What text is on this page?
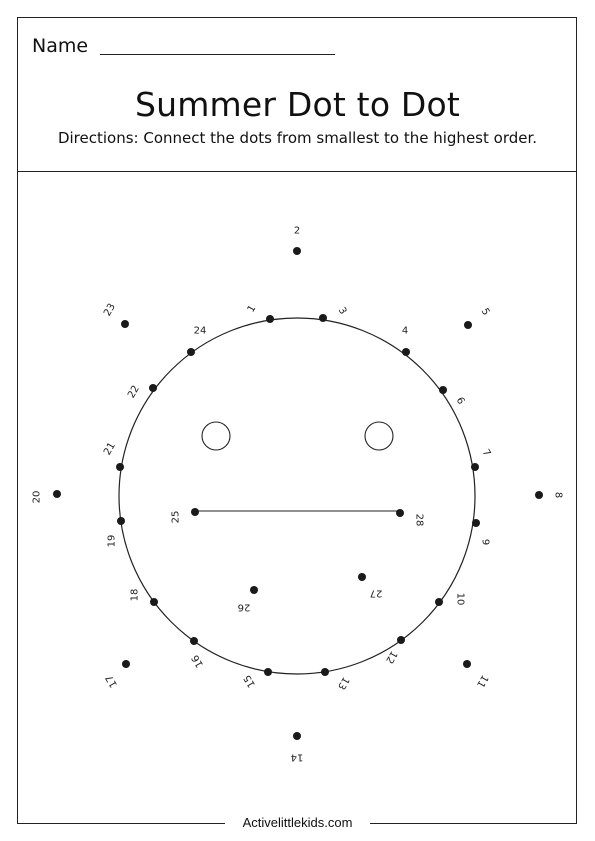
Name
Summer Dot to Dot
Directions: Connect the dots from smallest to the highest order.
1
2
3
4
5
6
7
8
9
10
11
12
13
14
15
16
17
18
19
20
21
22
23
24
25
26
27
28
Activelittlekids.com
